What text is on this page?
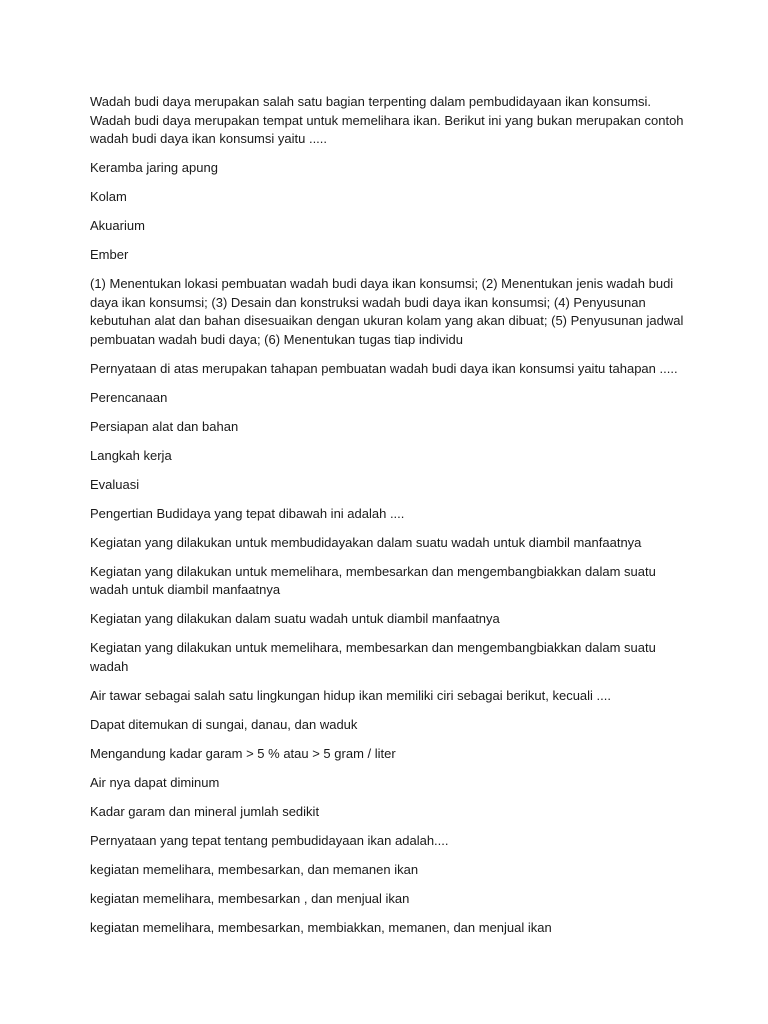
Wadah budi daya merupakan salah satu bagian terpenting dalam pembudidayaan ikan konsumsi. Wadah budi daya merupakan tempat untuk memelihara ikan. Berikut ini yang bukan merupakan contoh wadah budi daya ikan konsumsi yaitu .....

Keramba jaring apung

Kolam

Akuarium

Ember

(1) Menentukan lokasi pembuatan wadah budi daya ikan konsumsi; (2) Menentukan jenis wadah budi daya ikan konsumsi; (3) Desain dan konstruksi wadah budi daya ikan konsumsi; (4) Penyusunan kebutuhan alat dan bahan disesuaikan dengan ukuran kolam yang akan dibuat; (5) Penyusunan jadwal pembuatan wadah budi daya; (6) Menentukan tugas tiap individu

Pernyataan di atas merupakan tahapan pembuatan wadah budi daya ikan konsumsi yaitu tahapan .....

Perencanaan

Persiapan alat dan bahan

Langkah kerja

Evaluasi

Pengertian Budidaya yang tepat dibawah ini adalah ....

Kegiatan yang dilakukan untuk membudidayakan dalam suatu wadah untuk diambil manfaatnya

Kegiatan yang dilakukan untuk memelihara, membesarkan dan mengembangbiakkan dalam suatu wadah untuk diambil manfaatnya

Kegiatan yang dilakukan dalam suatu wadah untuk diambil manfaatnya

Kegiatan yang dilakukan untuk memelihara, membesarkan dan mengembangbiakkan dalam suatu wadah

Air tawar sebagai salah satu lingkungan hidup ikan memiliki ciri sebagai berikut, kecuali ....

Dapat ditemukan di sungai, danau, dan waduk

Mengandung kadar garam > 5 % atau > 5 gram / liter

Air nya dapat diminum

Kadar garam dan mineral jumlah sedikit

Pernyataan yang tepat tentang pembudidayaan ikan adalah....

kegiatan memelihara, membesarkan, dan memanen ikan

kegiatan memelihara, membesarkan , dan menjual ikan

kegiatan memelihara, membesarkan, membiakkan, memanen, dan menjual ikan
